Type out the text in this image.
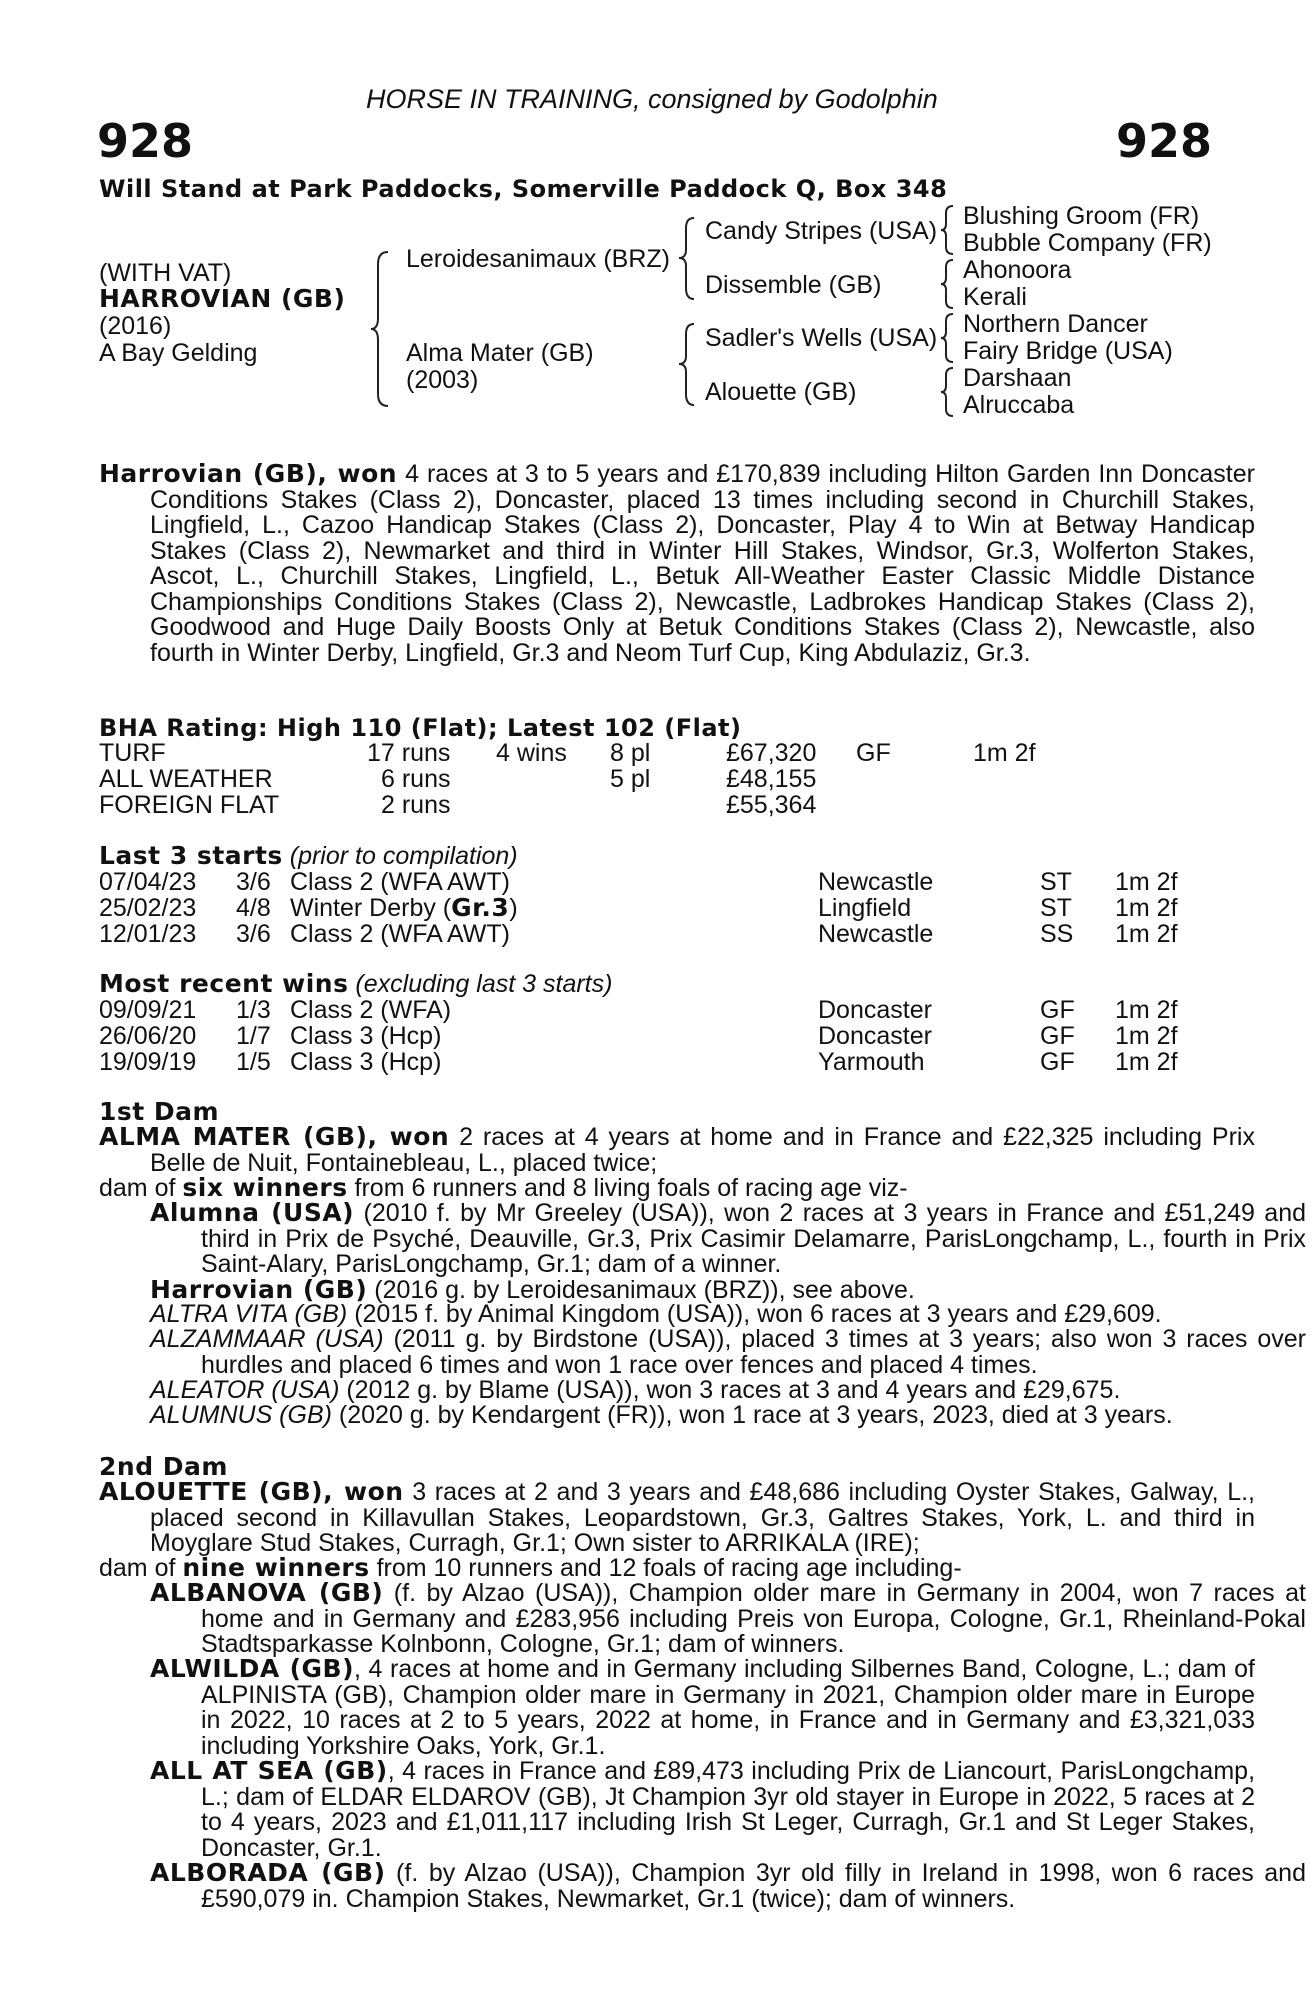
HORSE IN TRAINING, consigned by Godolphin
928	928
Will Stand at Park Paddocks, Somerville Paddock Q, Box 348
(WITH VAT)
HARROVIAN (GB)
(2016)
A Bay Gelding
Leroidesanimaux (BRZ)
Alma Mater (GB)
(2003)
Candy Stripes (USA)
Dissemble (GB)
Sadler's Wells (USA)
Alouette (GB)
Blushing Groom (FR)
Bubble Company (FR)
Ahonoora
Kerali
Northern Dancer
Fairy Bridge (USA)
Darshaan
Alruccaba
Harrovian (GB), won 4 races at 3 to 5 years and £170,839 including Hilton Garden Inn Doncaster Conditions Stakes (Class 2), Doncaster, placed 13 times including second in Churchill Stakes, Lingfield, L., Cazoo Handicap Stakes (Class 2), Doncaster, Play 4 to Win at Betway Handicap Stakes (Class 2), Newmarket and third in Winter Hill Stakes, Windsor, Gr.3, Wolferton Stakes, Ascot, L., Churchill Stakes, Lingfield, L., Betuk All-Weather Easter Classic Middle Distance Championships Conditions Stakes (Class 2), Newcastle, Ladbrokes Handicap Stakes (Class 2), Goodwood and Huge Daily Boosts Only at Betuk Conditions Stakes (Class 2), Newcastle, also fourth in Winter Derby, Lingfield, Gr.3 and Neom Turf Cup, King Abdulaziz, Gr.3.
BHA Rating: High 110 (Flat); Latest 102 (Flat)
TURF	17 runs 4 wins 8 pl	£67,320 GF	1m 2f
ALL WEATHER	6 runs	5 pl	£48,155
FOREIGN FLAT	2 runs	£55,364
Last 3 starts (prior to compilation)
07/04/23 3/6 Class 2 (WFA AWT)	Newcastle	ST 1m 2f
25/02/23 4/8 Winter Derby (Gr.3)	Lingfield	ST 1m 2f
12/01/23 3/6 Class 2 (WFA AWT)	Newcastle	SS 1m 2f
Most recent wins (excluding last 3 starts)
09/09/21 1/3 Class 2 (WFA)	Doncaster	GF 1m 2f
26/06/20 1/7 Class 3 (Hcp)	Doncaster	GF 1m 2f
19/09/19 1/5 Class 3 (Hcp)	Yarmouth	GF 1m 2f
1st Dam
ALMA MATER (GB), won 2 races at 4 years at home and in France and £22,325 including Prix Belle de Nuit, Fontainebleau, L., placed twice;
dam of six winners from 6 runners and 8 living foals of racing age viz-
Alumna (USA) (2010 f. by Mr Greeley (USA)), won 2 races at 3 years in France and £51,249 and third in Prix de Psyché, Deauville, Gr.3, Prix Casimir Delamarre, ParisLongchamp, L., fourth in Prix Saint-Alary, ParisLongchamp, Gr.1; dam of a winner.
Harrovian (GB) (2016 g. by Leroidesanimaux (BRZ)), see above.
ALTRA VITA (GB) (2015 f. by Animal Kingdom (USA)), won 6 races at 3 years and £29,609.
ALZAMMAAR (USA) (2011 g. by Birdstone (USA)), placed 3 times at 3 years; also won 3 races over hurdles and placed 6 times and won 1 race over fences and placed 4 times.
ALEATOR (USA) (2012 g. by Blame (USA)), won 3 races at 3 and 4 years and £29,675.
ALUMNUS (GB) (2020 g. by Kendargent (FR)), won 1 race at 3 years, 2023, died at 3 years.
2nd Dam
ALOUETTE (GB), won 3 races at 2 and 3 years and £48,686 including Oyster Stakes, Galway, L., placed second in Killavullan Stakes, Leopardstown, Gr.3, Galtres Stakes, York, L. and third in Moyglare Stud Stakes, Curragh, Gr.1; Own sister to ARRIKALA (IRE);
dam of nine winners from 10 runners and 12 foals of racing age including-
ALBANOVA (GB) (f. by Alzao (USA)), Champion older mare in Germany in 2004, won 7 races at home and in Germany and £283,956 including Preis von Europa, Cologne, Gr.1, Rheinland-Pokal Stadtsparkasse Kolnbonn, Cologne, Gr.1; dam of winners.
ALWILDA (GB), 4 races at home and in Germany including Silbernes Band, Cologne, L.; dam of ALPINISTA (GB), Champion older mare in Germany in 2021, Champion older mare in Europe in 2022, 10 races at 2 to 5 years, 2022 at home, in France and in Germany and £3,321,033 including Yorkshire Oaks, York, Gr.1.
ALL AT SEA (GB), 4 races in France and £89,473 including Prix de Liancourt, ParisLongchamp, L.; dam of ELDAR ELDAROV (GB), Jt Champion 3yr old stayer in Europe in 2022, 5 races at 2 to 4 years, 2023 and £1,011,117 including Irish St Leger, Curragh, Gr.1 and St Leger Stakes, Doncaster, Gr.1.
ALBORADA (GB) (f. by Alzao (USA)), Champion 3yr old filly in Ireland in 1998, won 6 races and £590,079 in. Champion Stakes, Newmarket, Gr.1 (twice); dam of winners.
